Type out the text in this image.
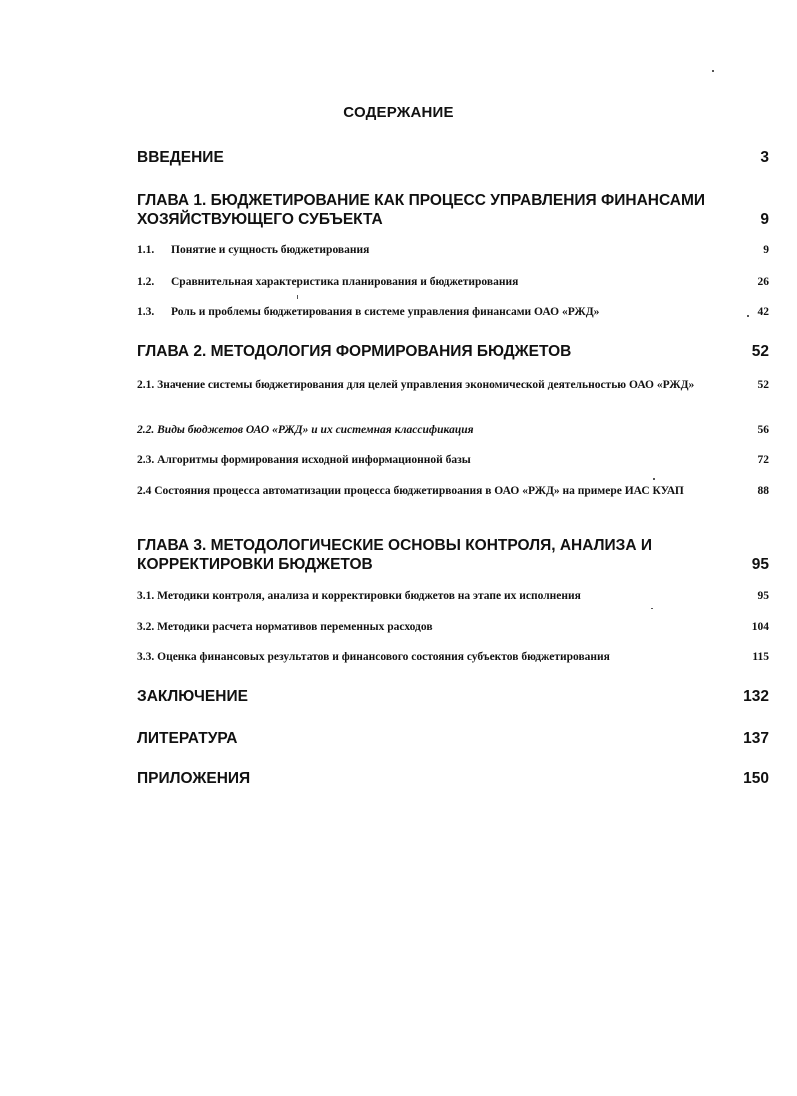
СОДЕРЖАНИЕ
ВВЕДЕНИЕ	3
ГЛАВА 1. БЮДЖЕТИРОВАНИЕ КАК ПРОЦЕСС УПРАВЛЕНИЯ ФИНАНСАМИ ХОЗЯЙСТВУЮЩЕГО СУБЪЕКТА	9
1.1. Понятие и сущность бюджетирования	9
1.2. Сравнительная характеристика планирования и бюджетирования	26
1.3. Роль и проблемы бюджетирования в системе управления финансами ОАО «РЖД»	42
ГЛАВА 2. МЕТОДОЛОГИЯ ФОРМИРОВАНИЯ БЮДЖЕТОВ	52
2.1. Значение системы бюджетирования для целей управления экономической деятельностью ОАО «РЖД»	52
2.2. Виды бюджетов ОАО «РЖД» и их системная классификация	56
2.3. Алгоритмы формирования исходной информационной базы	72
2.4 Состояния процесса автоматизации процесса бюджетирвоания в ОАО «РЖД» на примере ИАС КУАП	88
ГЛАВА 3. МЕТОДОЛОГИЧЕСКИЕ ОСНОВЫ КОНТРОЛЯ, АНАЛИЗА И КОРРЕКТИРОВКИ БЮДЖЕТОВ	95
3.1. Методики контроля, анализа и корректировки бюджетов на этапе их исполнения	95
3.2. Методики расчета нормативов переменных расходов	104
3.3. Оценка финансовых результатов и финансового состояния субъектов бюджетирования	115
ЗАКЛЮЧЕНИЕ	132
ЛИТЕРАТУРА	137
ПРИЛОЖЕНИЯ	150
